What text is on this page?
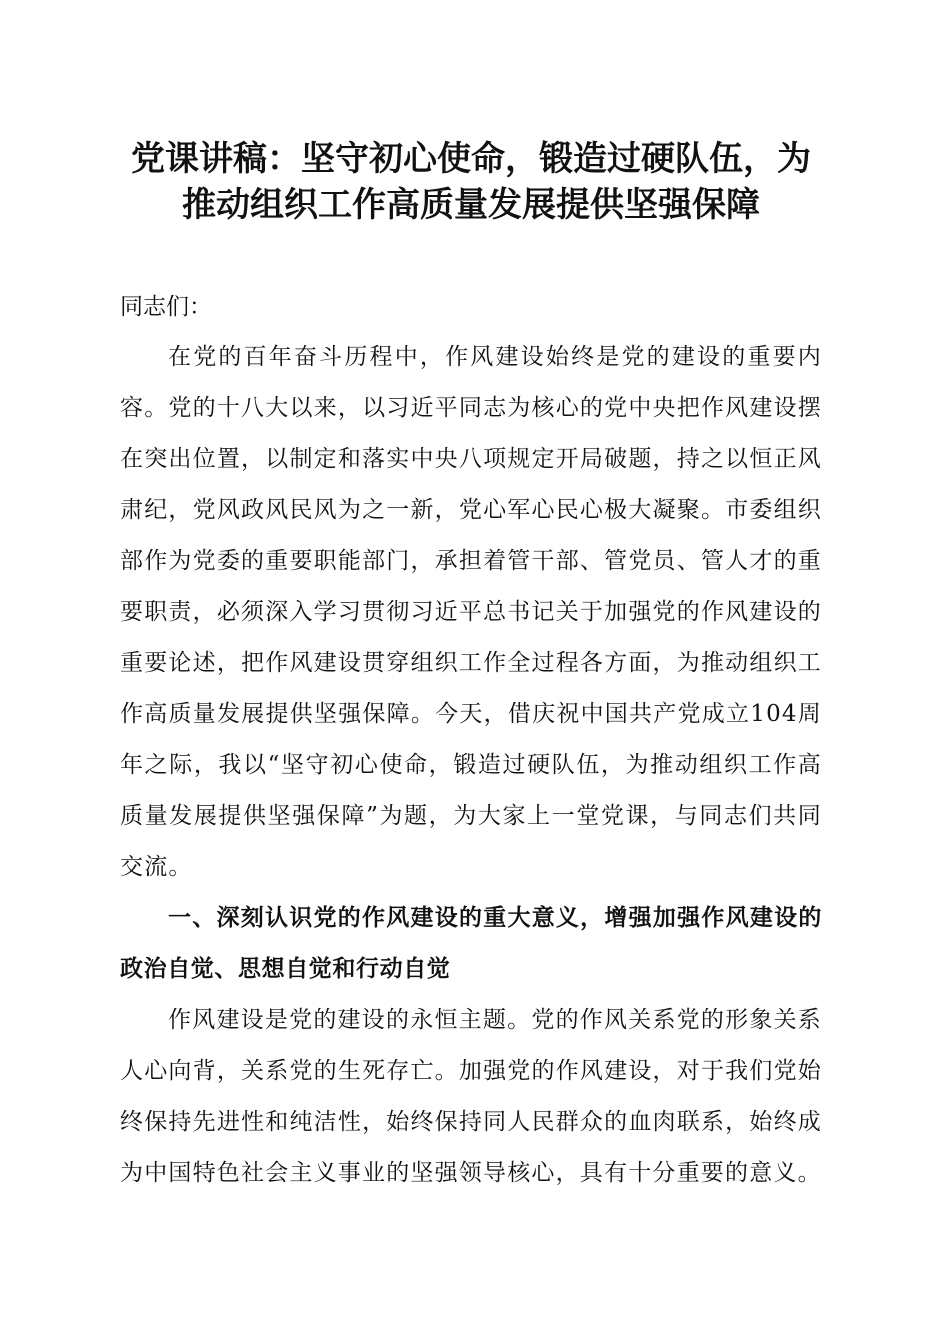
党课讲稿：坚守初心使命，锻造过硬队伍，为
推动组织工作高质量发展提供坚强保障

同志们：

在党的百年奋斗历程中，作风建设始终是党的建设的重要内容。党的十八大以来，以习近平同志为核心的党中央把作风建设摆在突出位置，以制定和落实中央八项规定开局破题，持之以恒正风肃纪，党风政风民风为之一新，党心军心民心极大凝聚。市委组织部作为党委的重要职能部门，承担着管干部、管党员、管人才的重要职责，必须深入学习贯彻习近平总书记关于加强党的作风建设的重要论述，把作风建设贯穿组织工作全过程各方面，为推动组织工作高质量发展提供坚强保障。今天，借庆祝中国共产党成立104周年之际，我以“坚守初心使命，锻造过硬队伍，为推动组织工作高质量发展提供坚强保障”为题，为大家上一堂党课，与同志们共同交流。

一、深刻认识党的作风建设的重大意义，增强加强作风建设的政治自觉、思想自觉和行动自觉

作风建设是党的建设的永恒主题。党的作风关系党的形象关系人心向背，关系党的生死存亡。加强党的作风建设，对于我们党始终保持先进性和纯洁性，始终保持同人民群众的血肉联系，始终成为中国特色社会主义事业的坚强领导核心，具有十分重要的意义。
